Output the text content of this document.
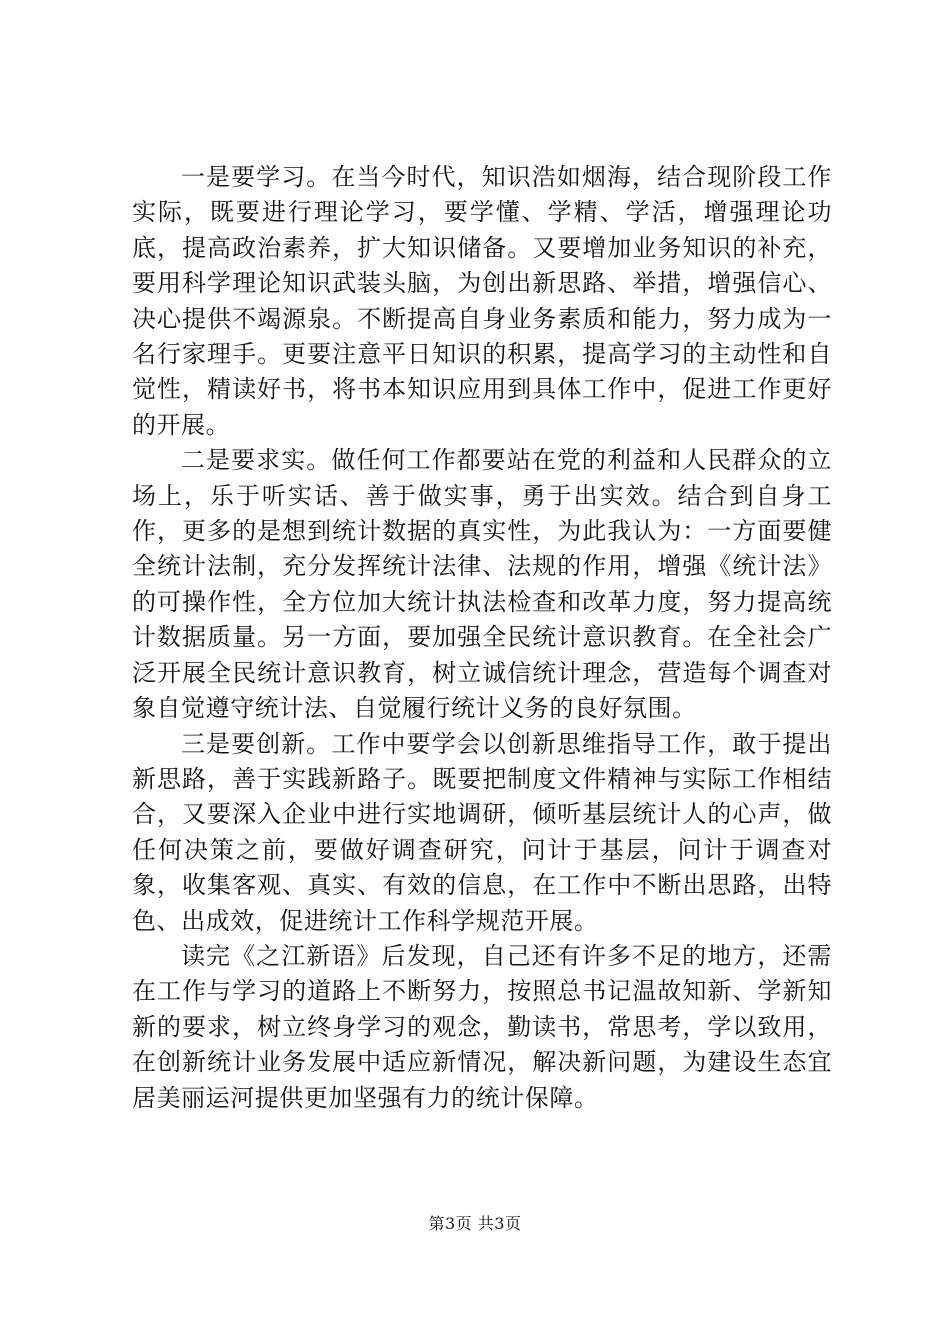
一是要学习。在当今时代，知识浩如烟海，结合现阶段工作实际，既要进行理论学习，要学懂、学精、学活，增强理论功底，提高政治素养，扩大知识储备。又要增加业务知识的补充，要用科学理论知识武装头脑，为创出新思路、举措，增强信心、决心提供不竭源泉。不断提高自身业务素质和能力，努力成为一名行家理手。更要注意平日知识的积累，提高学习的主动性和自觉性，精读好书，将书本知识应用到具体工作中，促进工作更好的开展。

二是要求实。做任何工作都要站在党的利益和人民群众的立场上，乐于听实话、善于做实事，勇于出实效。结合到自身工作，更多的是想到统计数据的真实性，为此我认为：一方面要健全统计法制，充分发挥统计法律、法规的作用，增强《统计法》的可操作性，全方位加大统计执法检查和改革力度，努力提高统计数据质量。另一方面，要加强全民统计意识教育。在全社会广泛开展全民统计意识教育，树立诚信统计理念，营造每个调查对象自觉遵守统计法、自觉履行统计义务的良好氛围。

三是要创新。工作中要学会以创新思维指导工作，敢于提出新思路，善于实践新路子。既要把制度文件精神与实际工作相结合，又要深入企业中进行实地调研，倾听基层统计人的心声，做任何决策之前，要做好调查研究，问计于基层，问计于调查对象，收集客观、真实、有效的信息，在工作中不断出思路，出特色、出成效，促进统计工作科学规范开展。

读完《之江新语》后发现，自己还有许多不足的地方，还需在工作与学习的道路上不断努力，按照总书记温故知新、学新知新的要求，树立终身学习的观念，勤读书，常思考，学以致用，在创新统计业务发展中适应新情况，解决新问题，为建设生态宜居美丽运河提供更加坚强有力的统计保障。

第3页 共3页
